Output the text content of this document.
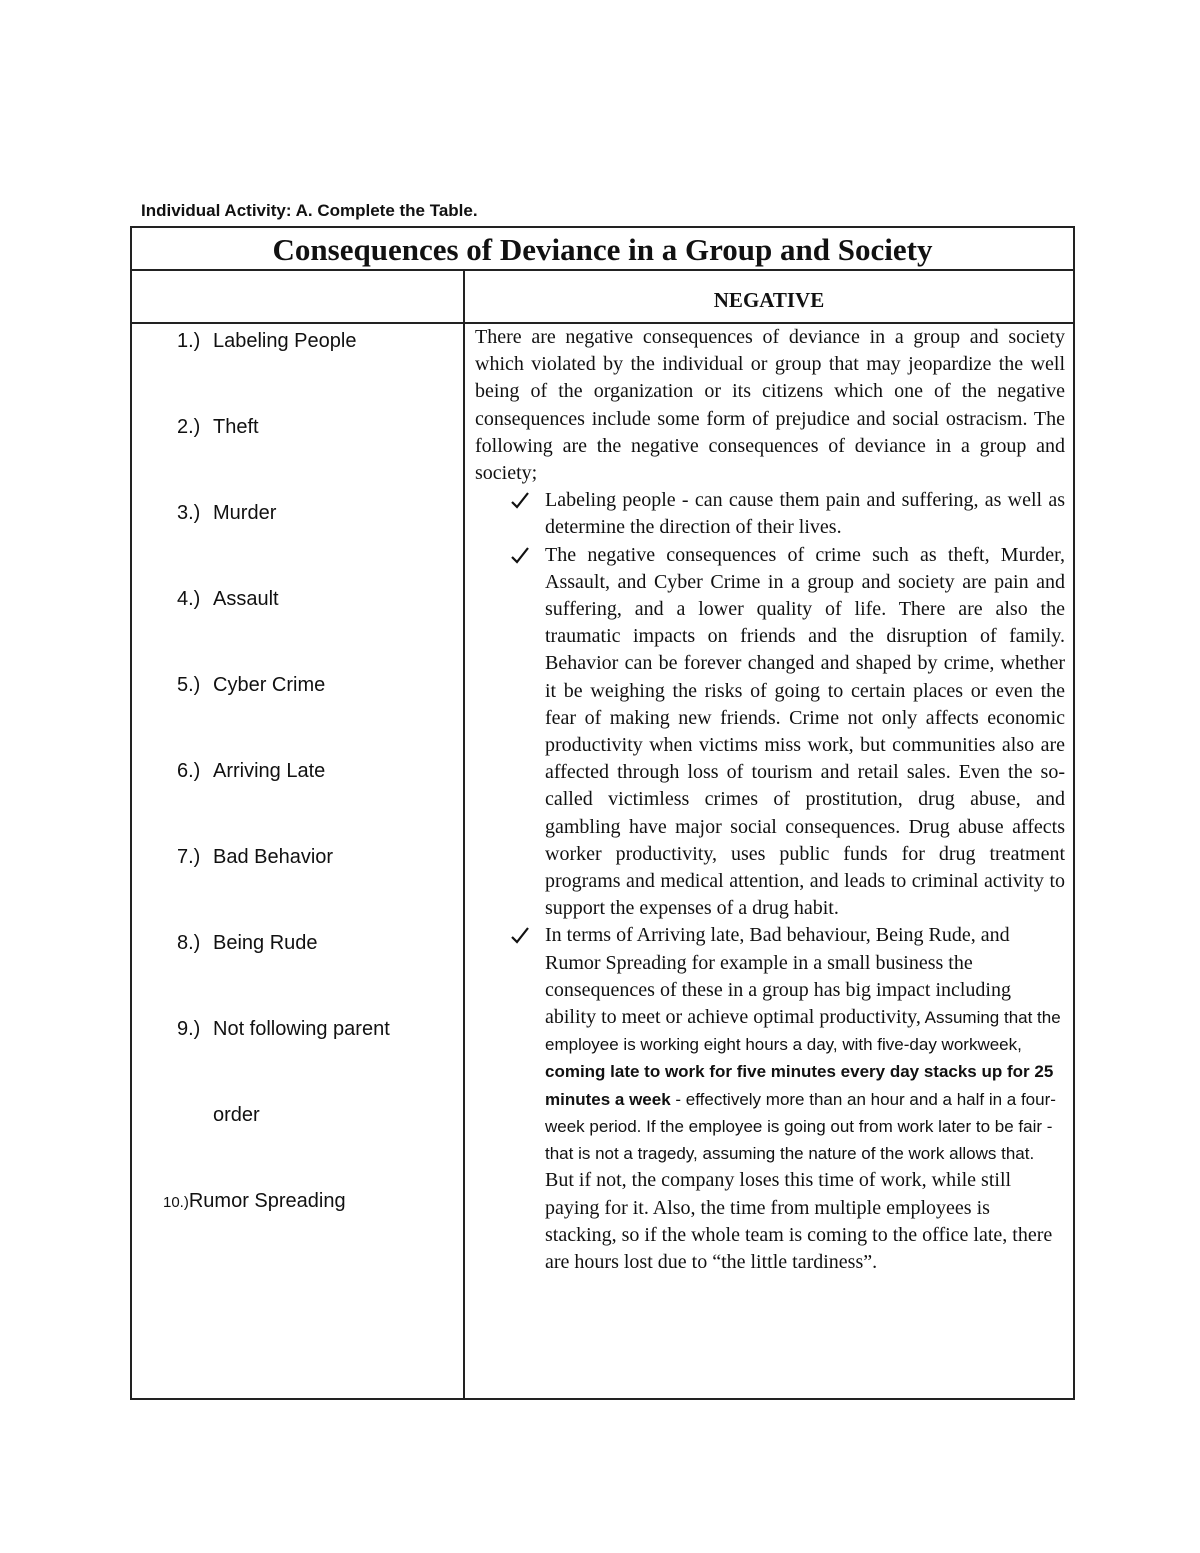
Individual Activity: A. Complete the Table.
Consequences of Deviance in a Group and Society
NEGATIVE
1.) Labeling People
2.) Theft
3.) Murder
4.) Assault
5.) Cyber Crime
6.) Arriving Late
7.) Bad Behavior
8.) Being Rude
9.) Not following parent
order
10.)Rumor Spreading

There are negative consequences of deviance in a group and society which violated by the individual or group that may jeopardize the well being of the organization or its citizens which one of the negative consequences include some form of prejudice and social ostracism. The following are the negative consequences of deviance in a group and society;

Labeling people - can cause them pain and suffering, as well as determine the direction of their lives.
The negative consequences of crime such as theft, Murder, Assault, and Cyber Crime in a group and society are pain and suffering, and a lower quality of life. There are also the traumatic impacts on friends and the disruption of family. Behavior can be forever changed and shaped by crime, whether it be weighing the risks of going to certain places or even the fear of making new friends. Crime not only affects economic productivity when victims miss work, but communities also are affected through loss of tourism and retail sales. Even the so-called victimless crimes of prostitution, drug abuse, and gambling have major social consequences. Drug abuse affects worker productivity, uses public funds for drug treatment programs and medical attention, and leads to criminal activity to support the expenses of a drug habit.
In terms of Arriving late, Bad behaviour, Being Rude, and Rumor Spreading for example in a small business the consequences of these in a group has big impact including ability to meet or achieve optimal productivity, Assuming that the employee is working eight hours a day, with five-day workweek, coming late to work for five minutes every day stacks up for 25 minutes a week - effectively more than an hour and a half in a four-week period. If the employee is going out from work later to be fair - that is not a tragedy, assuming the nature of the work allows that. But if not, the company loses this time of work, while still paying for it. Also, the time from multiple employees is stacking, so if the whole team is coming to the office late, there are hours lost due to “the little tardiness”.
